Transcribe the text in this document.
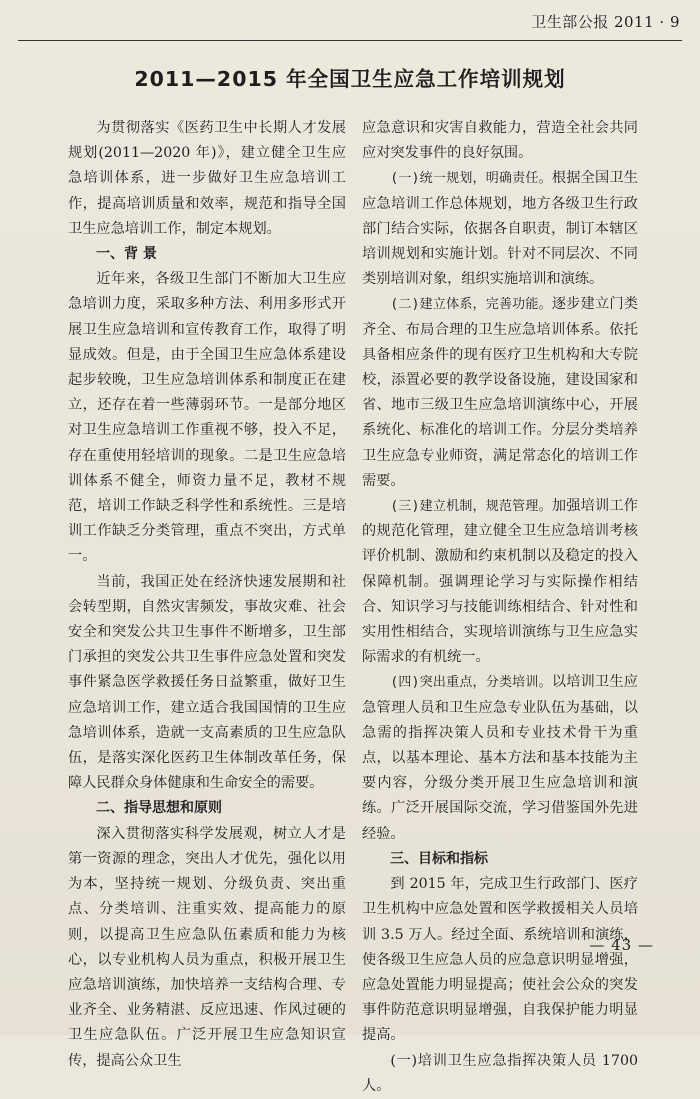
卫生部公报 2011 · 9
2011—2015 年全国卫生应急工作培训规划

为贯彻落实《医药卫生中长期人才发展规划(2011—2020 年)》，建立健全卫生应急培训体系，进一步做好卫生应急培训工作，提高培训质量和效率，规范和指导全国卫生应急培训工作，制定本规划。

一、背 景

近年来，各级卫生部门不断加大卫生应急培训力度，采取多种方法、利用多形式开展卫生应急培训和宣传教育工作，取得了明显成效。但是，由于全国卫生应急体系建设起步较晚，卫生应急培训体系和制度正在建立，还存在着一些薄弱环节。一是部分地区对卫生应急培训工作重视不够，投入不足，存在重使用轻培训的现象。二是卫生应急培训体系不健全，师资力量不足，教材不规范，培训工作缺乏科学性和系统性。三是培训工作缺乏分类管理，重点不突出，方式单一。

当前，我国正处在经济快速发展期和社会转型期，自然灾害频发，事故灾难、社会安全和突发公共卫生事件不断增多，卫生部门承担的突发公共卫生事件应急处置和突发事件紧急医学救援任务日益繁重，做好卫生应急培训工作，建立适合我国国情的卫生应急培训体系，造就一支高素质的卫生应急队伍，是落实深化医药卫生体制改革任务，保障人民群众身体健康和生命安全的需要。

二、指导思想和原则

深入贯彻落实科学发展观，树立人才是第一资源的理念，突出人才优先，强化以用为本，坚持统一规划、分级负责、突出重点、分类培训、注重实效、提高能力的原则，以提高卫生应急队伍素质和能力为核心，以专业机构人员为重点，积极开展卫生应急培训演练，加快培养一支结构合理、专业齐全、业务精湛、反应迅速、作风过硬的卫生应急队伍。广泛开展卫生应急知识宣传，提高公众卫生

应急意识和灾害自救能力，营造全社会共同应对突发事件的良好氛围。

(一)统一规划，明确责任。根据全国卫生应急培训工作总体规划，地方各级卫生行政部门结合实际，依据各自职责，制订本辖区培训规划和实施计划。针对不同层次、不同类别培训对象，组织实施培训和演练。

(二)建立体系，完善功能。逐步建立门类齐全、布局合理的卫生应急培训体系。依托具备相应条件的现有医疗卫生机构和大专院校，添置必要的教学设备设施，建设国家和省、地市三级卫生应急培训演练中心，开展系统化、标准化的培训工作。分层分类培养卫生应急专业师资，满足常态化的培训工作需要。

(三)建立机制，规范管理。加强培训工作的规范化管理，建立健全卫生应急培训考核评价机制、激励和约束机制以及稳定的投入保障机制。强调理论学习与实际操作相结合、知识学习与技能训练相结合、针对性和实用性相结合，实现培训演练与卫生应急实际需求的有机统一。

(四)突出重点，分类培训。以培训卫生应急管理人员和卫生应急专业队伍为基础，以急需的指挥决策人员和专业技术骨干为重点，以基本理论、基本方法和基本技能为主要内容，分级分类开展卫生应急培训和演练。广泛开展国际交流，学习借鉴国外先进经验。

三、目标和指标

到 2015 年，完成卫生行政部门、医疗卫生机构中应急处置和医学救援相关人员培训 3.5 万人。经过全面、系统培训和演练，使各级卫生应急人员的应急意识明显增强，应急处置能力明显提高；使社会公众的突发事件防范意识明显增强，自我保护能力明显提高。

(一)培训卫生应急指挥决策人员 1700 人。

— 43 —
